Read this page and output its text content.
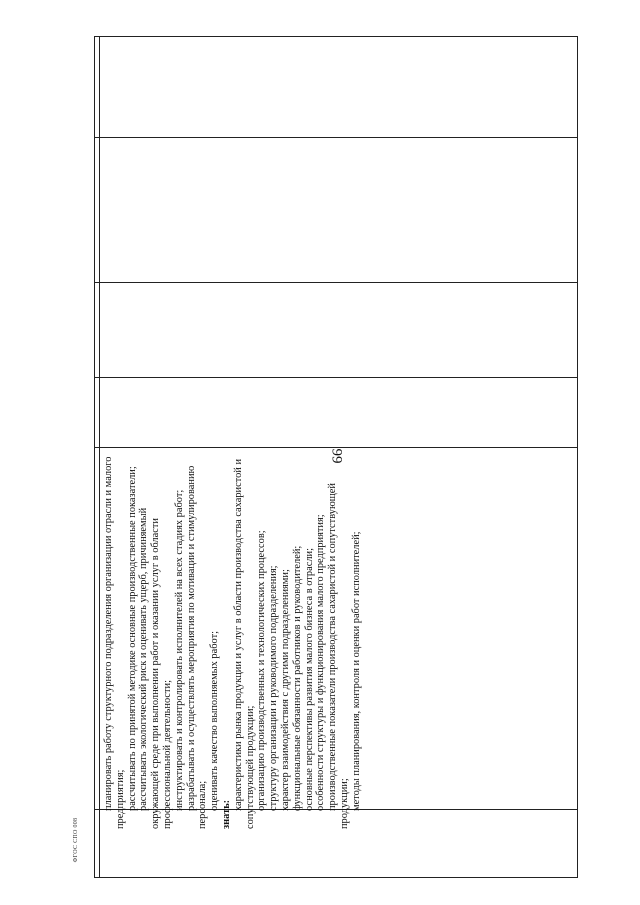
99
ФГОС СПО 008

планировать работу структурного подразделения организации отрасли и малого предприятия; рассчитывать по принятой методике основные производственные показатели; рассчитывать экологический риск и оценивать ущерб, причиняемый окружающей среде при выполнении работ и оказании услуг в области профессиональной деятельности; инструктировать и контролировать исполнителей на всех стадиях работ; разрабатывать и осуществлять мероприятия по мотивации и стимулированию персонала; оценивать качество выполняемых работ;

знать:

характеристики рынка продукции и услуг в области производства сахаристой и сопутствующей продукции; организацию производственных и технологических процессов; структуру организации и руководимого подразделения; характер взаимодействия с другими подразделениями; функциональные обязанности работников и руководителей; основные перспективы развития малого бизнеса в отрасли; особенности структуры и функционирования малого предприятия; производственные показатели производства сахаристой и сопутствующей продукции; методы планирования, контроля и оценки работ исполнителей;
